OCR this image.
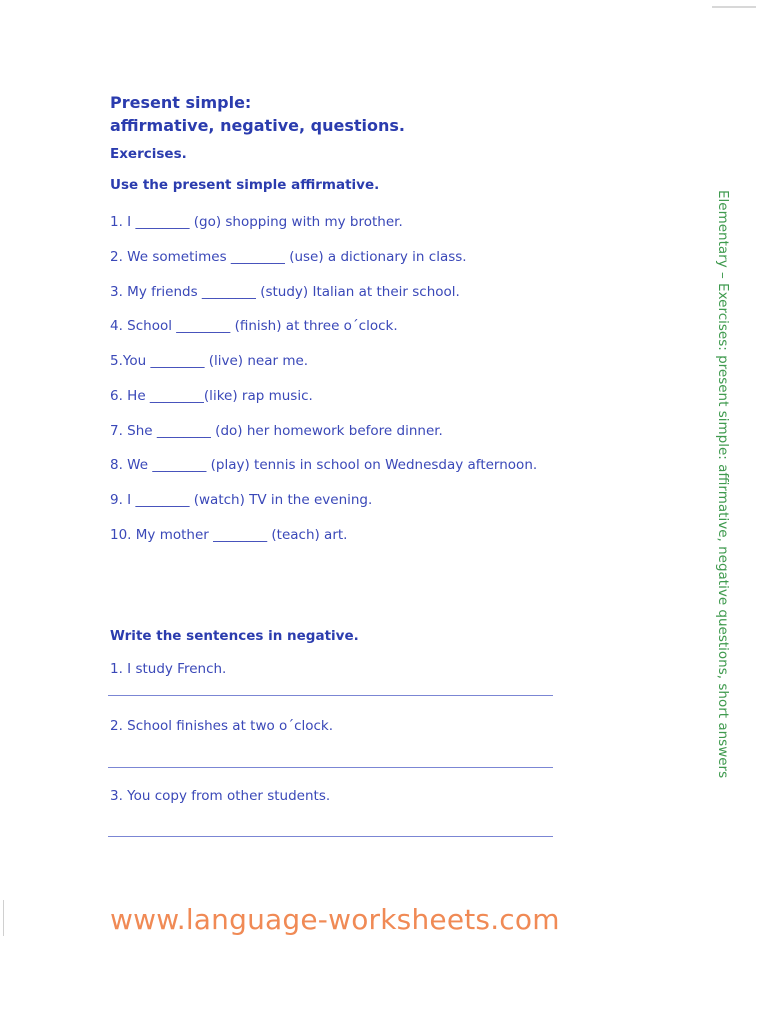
Present simple:
affirmative, negative, questions.
Exercises.
Use the present simple affirmative.
1. I ________ (go) shopping with my brother.
2. We sometimes ________ (use) a dictionary in class.
3. My friends ________ (study) Italian at their school.
4. School ________ (finish) at three o´clock.
5.You ________ (live) near me.
6. He ________(like) rap music.
7. She ________ (do) her homework before dinner.
8. We ________ (play) tennis in school on Wednesday afternoon.
9. I ________ (watch) TV in the evening.
10. My mother ________ (teach) art.
Write the sentences in negative.
1. I study French.
2. School finishes at two o´clock.
3. You copy from other students.
Elementary – Exercises: present simple: affirmative, negative questions, short answers
www.language-worksheets.com
